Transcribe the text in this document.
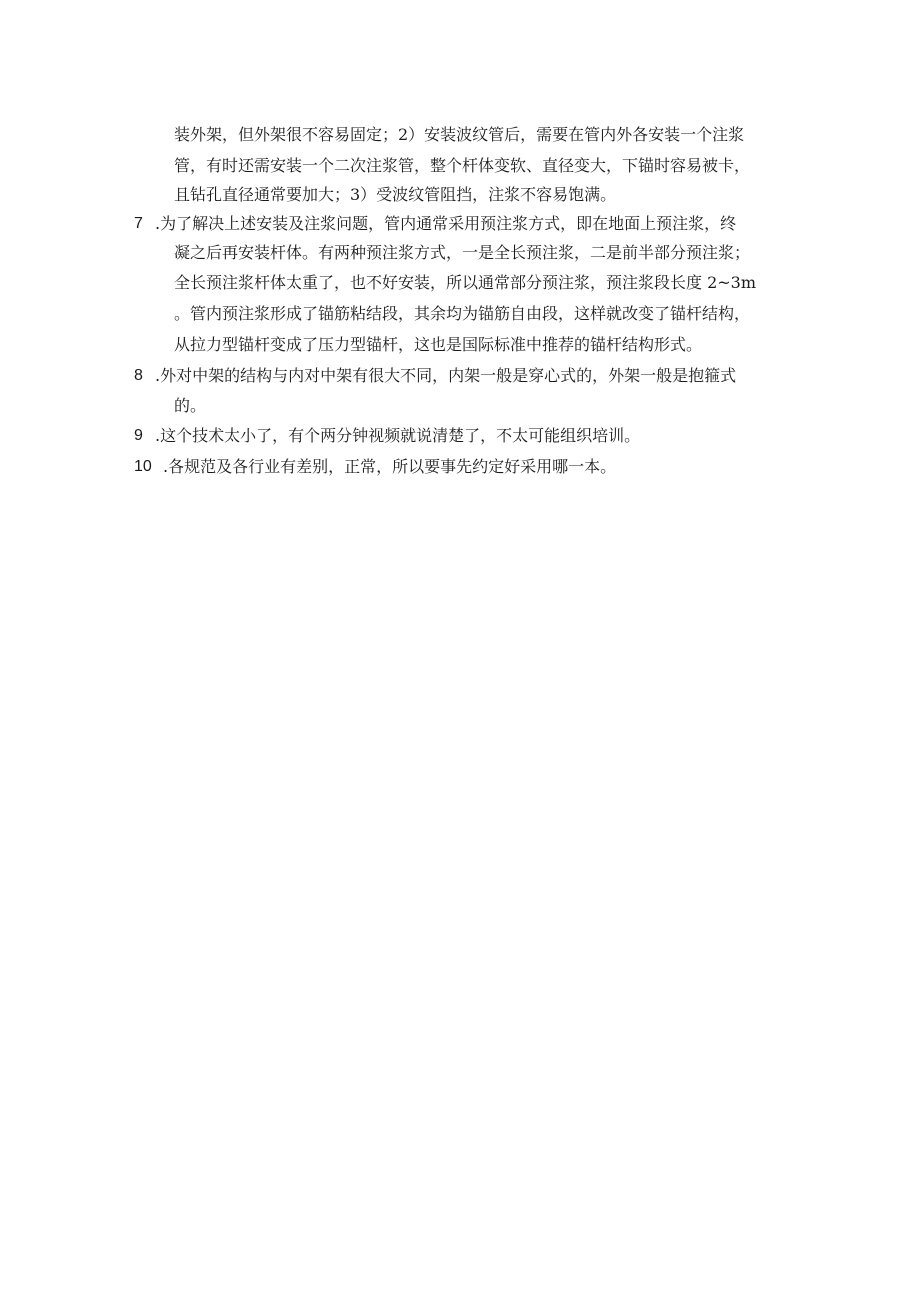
装外架，但外架很不容易固定；2）安装波纹管后，需要在管内外各安装一个注浆
管，有时还需安装一个二次注浆管，整个杆体变软、直径变大，下锚时容易被卡，
且钻孔直径通常要加大；3）受波纹管阻挡，注浆不容易饱满。
7 .为了解决上述安装及注浆问题，管内通常采用预注浆方式，即在地面上预注浆，终
凝之后再安装杆体。有两种预注浆方式，一是全长预注浆，二是前半部分预注浆；
全长预注浆杆体太重了，也不好安装，所以通常部分预注浆，预注浆段长度 2~3m
。管内预注浆形成了锚筋粘结段，其余均为锚筋自由段，这样就改变了锚杆结构，
从拉力型锚杆变成了压力型锚杆，这也是国际标准中推荐的锚杆结构形式。
8 .外对中架的结构与内对中架有很大不同，内架一般是穿心式的，外架一般是抱箍式
的。
9 .这个技术太小了，有个两分钟视频就说清楚了，不太可能组织培训。
10 .各规范及各行业有差别，正常，所以要事先约定好采用哪一本。
